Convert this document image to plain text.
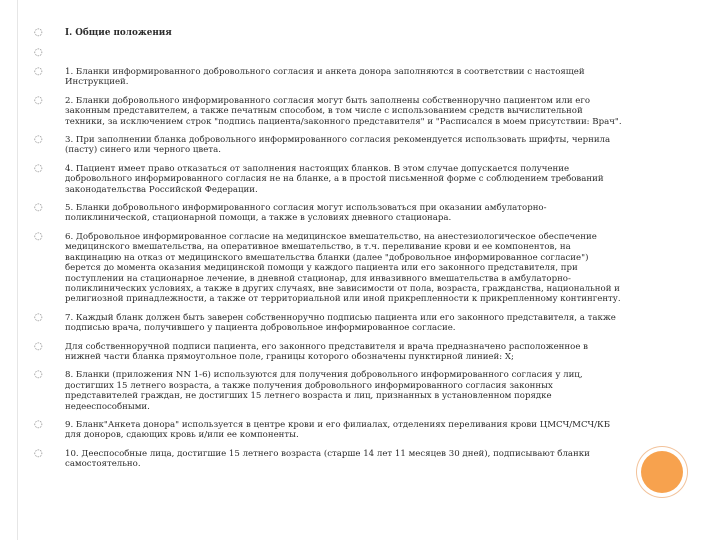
◌	I. Общие положения
◌
◌	1. Бланки информированного добровольного согласия и анкета донора заполняются в соответствии с настоящей Инструкцией.
◌	2. Бланки добровольного информированного согласия могут быть заполнены собственноручно пациентом или его законным представителем, а также печатным способом, в том числе с использованием средств вычислительной техники, за исключением строк "подпись пациента/законного представителя" и "Расписался в моем присутствии: Врач".
◌	3. При заполнении бланка добровольного информированного согласия рекомендуется использовать шрифты, чернила (пасту) синего или черного цвета.
◌	4. Пациент имеет право отказаться от заполнения настоящих бланков. В этом случае допускается получение добровольного информированного согласия не на бланке, а в простой письменной форме с соблюдением требований законодательства Российской Федерации.
◌	5. Бланки добровольного информированного согласия могут использоваться при оказании амбулаторно-поликлинической, стационарной помощи, а также в условиях дневного стационара.
◌	6. Добровольное информированное согласие на медицинское вмешательство, на анестезиологическое обеспечение медицинского вмешательства, на оперативное вмешательство, в т.ч. переливание крови и ее компонентов, на вакцинацию на отказ от медицинского вмешательства бланки (далее "добровольное информированное согласие") берется до момента оказания медицинской помощи у каждого пациента или его законного представителя, при поступлении на стационарное лечение, в дневной стационар, для инвазивного вмешательства в амбулаторно-поликлинических условиях, а также в других случаях, вне зависимости от пола, возраста, гражданства, национальной и религиозной принадлежности, а также от территориальной или иной прикрепленности к прикрепленному контингенту.
◌	7. Каждый бланк должен быть заверен собственноручно подписью пациента или его законного представителя, а также подписью врача, получившего у пациента добровольное информированное согласие.
◌	Для собственноручной подписи пациента, его законного представителя и врача предназначено расположенное в нижней части бланка прямоугольное поле, границы которого обозначены пунктирной линией: X;
◌	8. Бланки (приложения NN 1-6) используются для получения добровольного информированного согласия у лиц, достигших 15 летнего возраста, а также получения добровольного информированного согласия законных представителей граждан, не достигших 15 летнего возраста и лиц, признанных в установленном порядке недееспособными.
◌	9. Бланк"Анкета донора" используется в центре крови и его филиалах, отделениях переливания крови ЦМСЧ/МСЧ/КБ для доноров, сдающих кровь и/или ее компоненты.
◌	10. Дееспособные лица, достигшие 15 летнего возраста (старше 14 лет 11 месяцев 30 дней), подписывают бланки самостоятельно.
